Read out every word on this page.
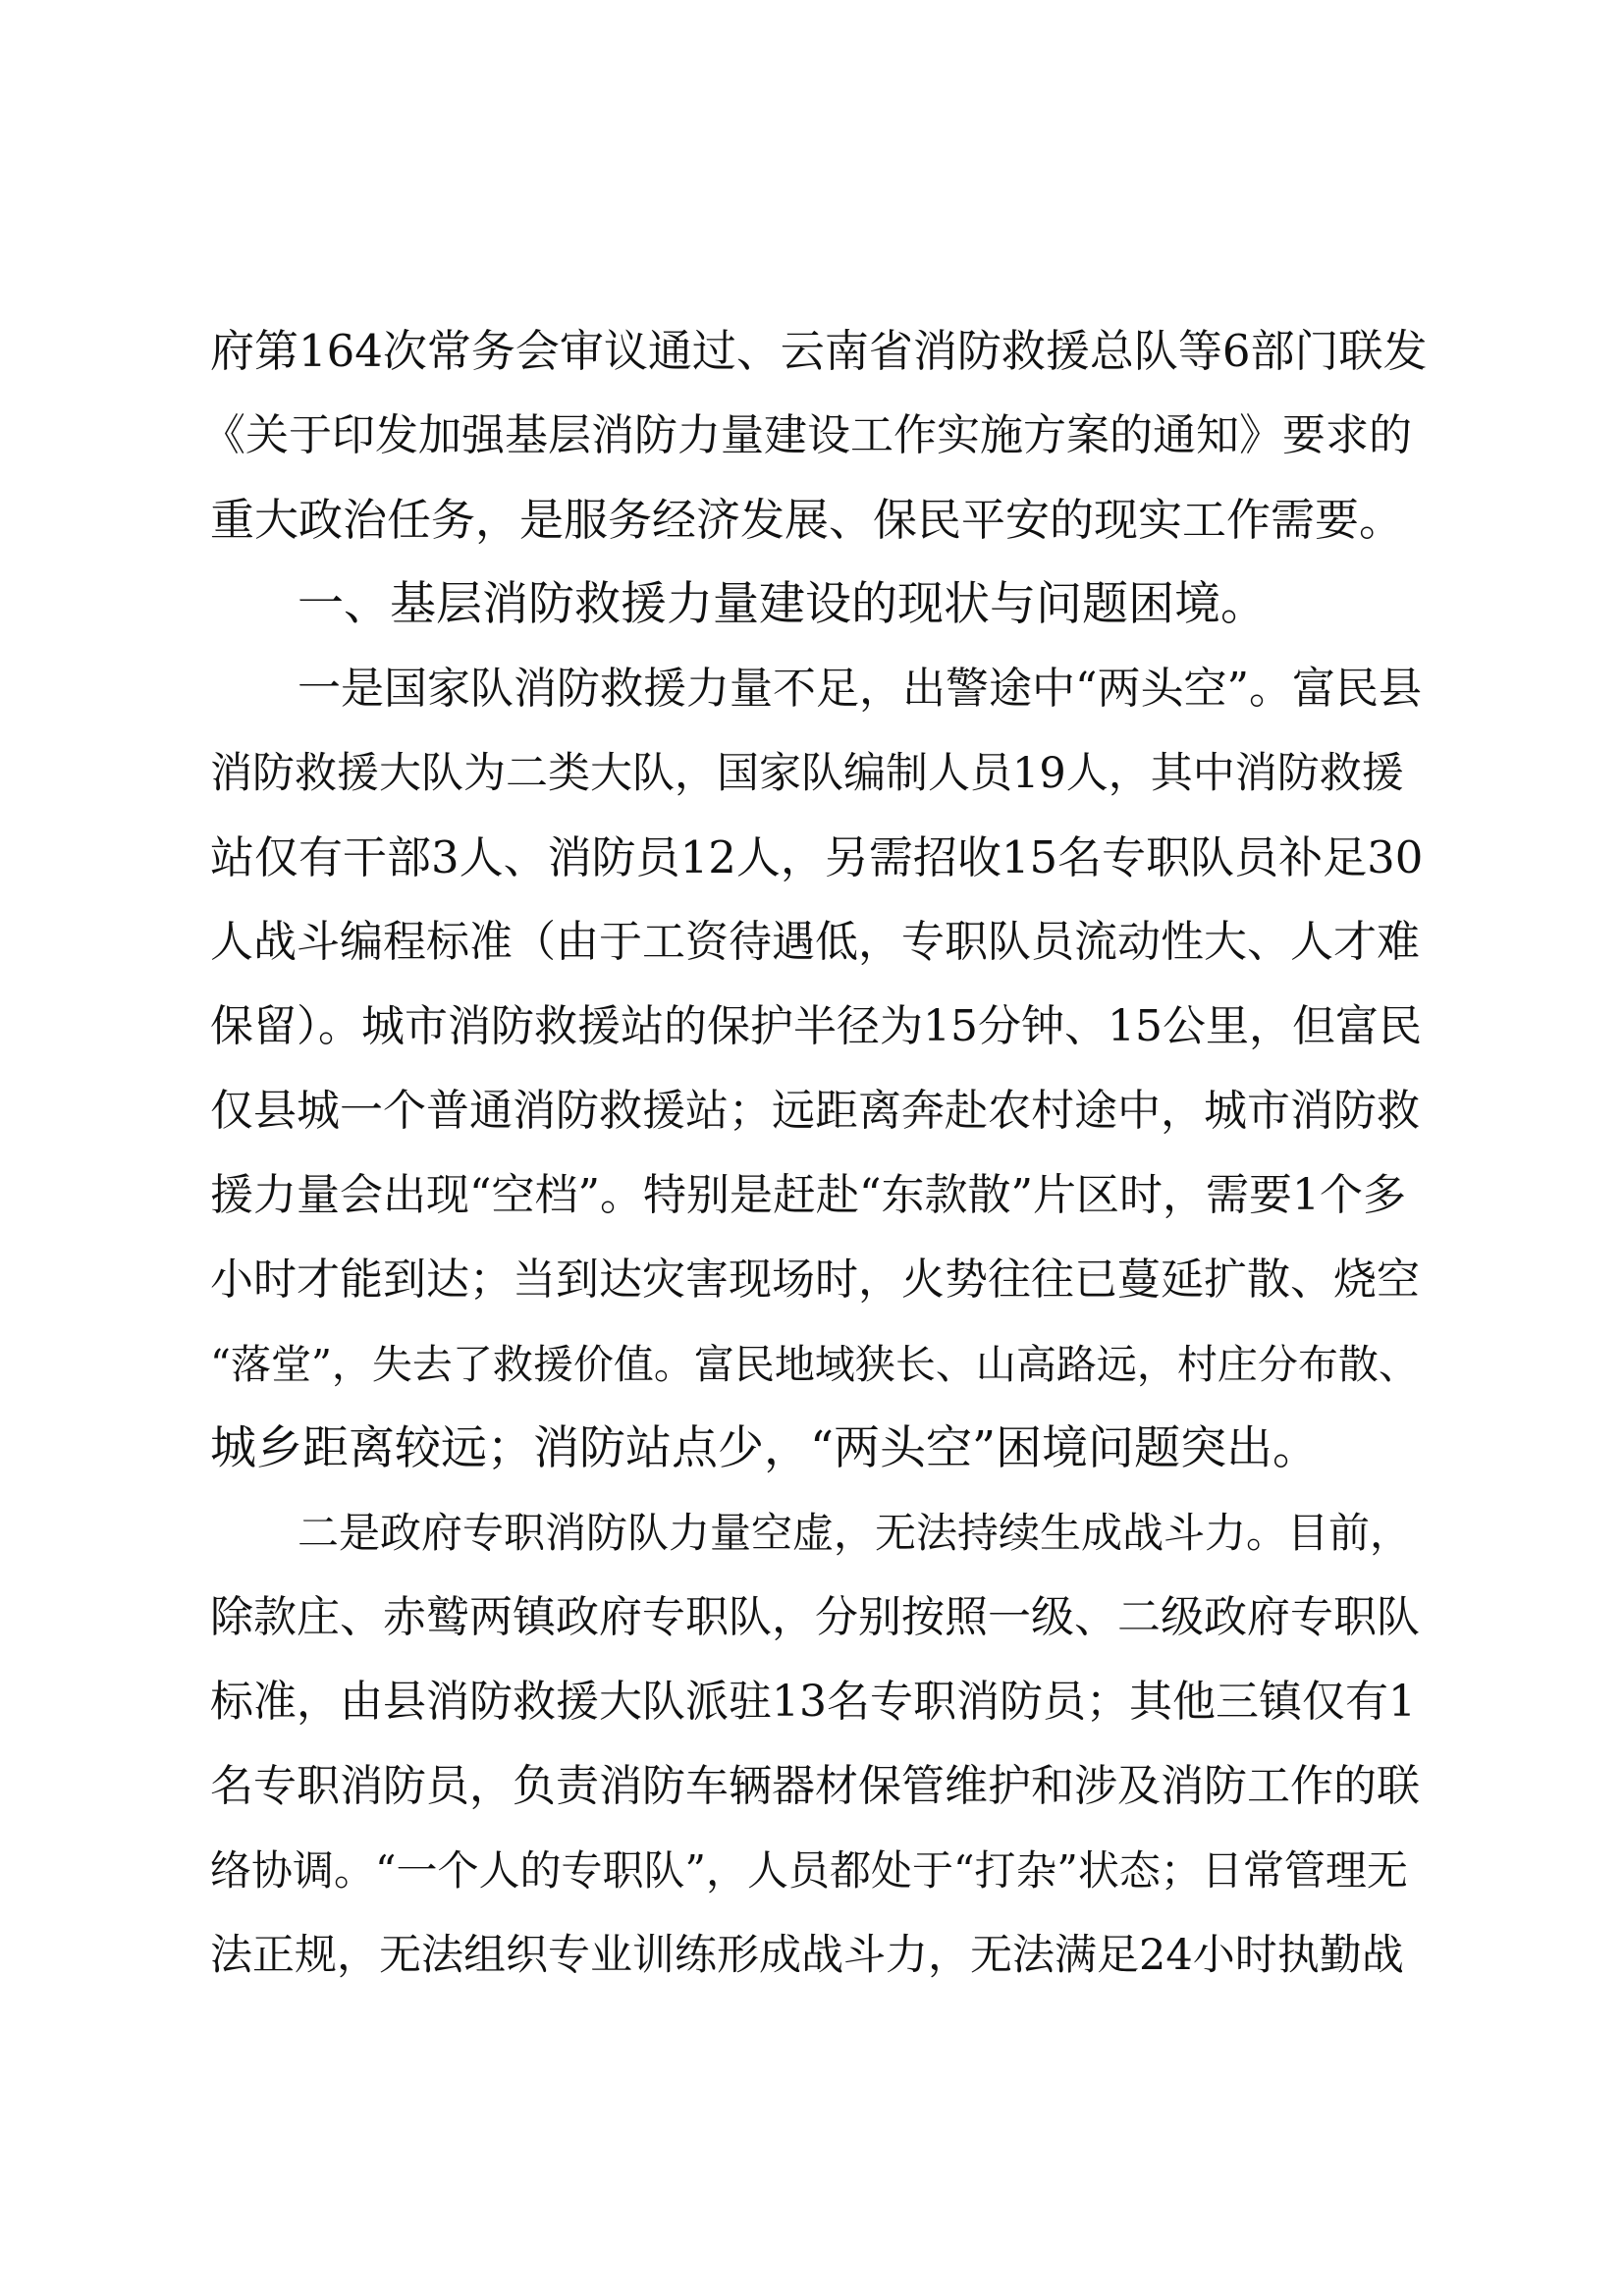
府第164次常务会审议通过、云南省消防救援总队等6部门联发
《关于印发加强基层消防力量建设工作实施方案的通知》要求的
重大政治任务，是服务经济发展、保民平安的现实工作需要。
一、基层消防救援力量建设的现状与问题困境。
一是国家队消防救援力量不足，出警途中“两头空”。富民县
消防救援大队为二类大队，国家队编制人员19人，其中消防救援
站仅有干部3人、消防员12人，另需招收15名专职队员补足30
人战斗编程标准（由于工资待遇低，专职队员流动性大、人才难
保留）。城市消防救援站的保护半径为15分钟、15公里，但富民
仅县城一个普通消防救援站；远距离奔赴农村途中，城市消防救
援力量会出现“空档”。特别是赶赴“东款散”片区时，需要1个多
小时才能到达；当到达灾害现场时，火势往往已蔓延扩散、烧空
“落堂”，失去了救援价值。富民地域狭长、山高路远，村庄分布散、
城乡距离较远；消防站点少，“两头空”困境问题突出。
二是政府专职消防队力量空虚，无法持续生成战斗力。目前，
除款庄、赤鹫两镇政府专职队，分别按照一级、二级政府专职队
标准，由县消防救援大队派驻13名专职消防员；其他三镇仅有1
名专职消防员，负责消防车辆器材保管维护和涉及消防工作的联
络协调。“一个人的专职队”，人员都处于“打杂”状态；日常管理无
法正规，无法组织专业训练形成战斗力，无法满足24小时执勤战
